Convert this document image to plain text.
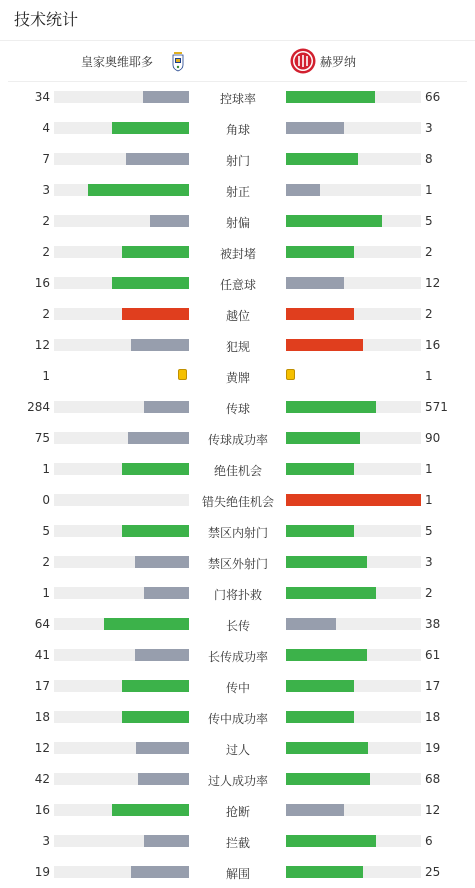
技术统计
皇家奥维耶多	赫罗纳
34	控球率	66
4	角球	3
7	射门	8
3	射正	1
2	射偏	5
2	被封堵	2
16	任意球	12
2	越位	2
12	犯规	16
1	黄牌	1
284	传球	571
75	传球成功率	90
1	绝佳机会	1
0	错失绝佳机会	1
5	禁区内射门	5
2	禁区外射门	3
1	门将扑救	2
64	长传	38
41	长传成功率	61
17	传中	17
18	传中成功率	18
12	过人	19
42	过人成功率	68
16	抢断	12
3	拦截	6
19	解围	25
